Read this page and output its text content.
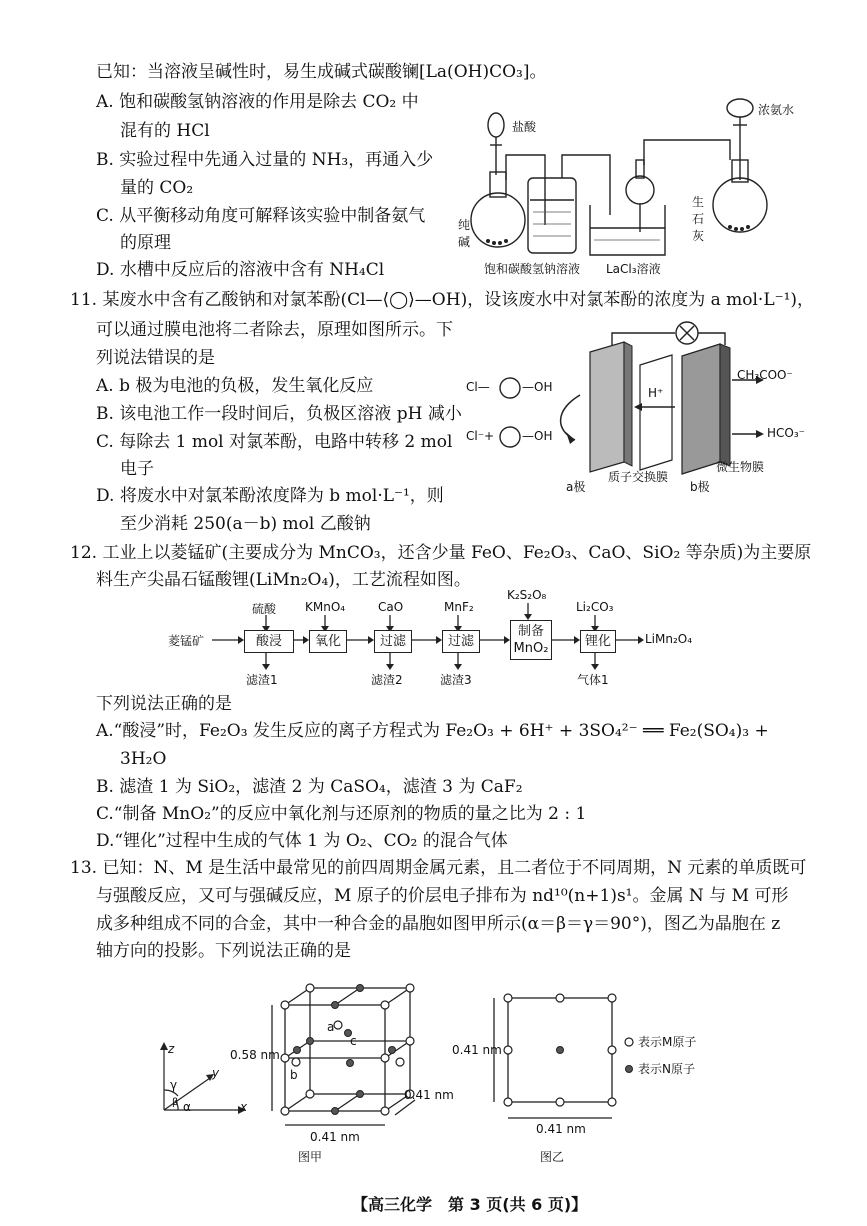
已知：当溶液呈碱性时，易生成碱式碳酸镧[La(OH)CO₃]。
A. 饱和碳酸氢钠溶液的作用是除去 CO₂ 中
混有的 HCl
B. 实验过程中先通入过量的 NH₃，再通入少
量的 CO₂
C. 从平衡移动角度可解释该实验中制备氨气
的原理
D. 水槽中反应后的溶液中含有 NH₄Cl
盐酸
浓氨水
纯
碱
生
石
灰
饱和碳酸氢钠溶液 LaCl₃溶液
11. 某废水中含有乙酸钠和对氯苯酚(Cl—⟨◯⟩—OH)，设该废水中对氯苯酚的浓度为 a mol·L⁻¹)，
可以通过膜电池将二者除去，原理如图所示。下
列说法错误的是
A. b 极为电池的负极，发生氧化反应
B. 该电池工作一段时间后，负极区溶液 pH 减小
C. 每除去 1 mol 对氯苯酚，电路中转移 2 mol
电子
D. 将废水中对氯苯酚浓度降为 b mol·L⁻¹，则
至少消耗 250(a－b) mol 乙酸钠
Cl—	—OH
Cl⁻+ —OH
H⁺
CH₃COO⁻
HCO₃⁻
a极
质子交换膜
b极
微生物膜
12. 工业上以菱锰矿(主要成分为 MnCO₃，还含少量 FeO、Fe₂O₃、CaO、SiO₂ 等杂质)为主要原
料生产尖晶石锰酸锂(LiMn₂O₄)，工艺流程如图。
菱锰矿	酸浸	氧化	过滤	过滤
制备
MnO₂	锂化	LiMn₂O₄
硫酸 KMnO₄	CaO	MnF₂
K₂S₂O₈
Li₂CO₃
滤渣1	滤渣2	滤渣3	气体1
下列说法正确的是
A.“酸浸”时，Fe₂O₃ 发生反应的离子方程式为 Fe₂O₃ + 6H⁺ + 3SO₄²⁻ ══ Fe₂(SO₄)₃ +
3H₂O
B. 滤渣 1 为 SiO₂，滤渣 2 为 CaSO₄，滤渣 3 为 CaF₂
C.“制备 MnO₂”的反应中氧化剂与还原剂的物质的量之比为 2 : 1
D.“锂化”过程中生成的气体 1 为 O₂、CO₂ 的混合气体
13. 已知：N、M 是生活中最常见的前四周期金属元素，且二者位于不同周期，N 元素的单质既可
与强酸反应，又可与强碱反应，M 原子的价层电子排布为 nd¹⁰(n+1)s¹。金属 N 与 M 可形
成多种组成不同的合金，其中一种合金的晶胞如图甲所示(α＝β＝γ＝90°)，图乙为晶胞在 z
轴方向的投影。下列说法正确的是
z
y
x
γ
β α
0.58 nm
0.41 nm
0.41 nm
a
b
c
图甲
0.41 nm
0.41 nm
图乙
表示M原子
表示N原子
【高三化学　第 3 页(共 6 页)】
